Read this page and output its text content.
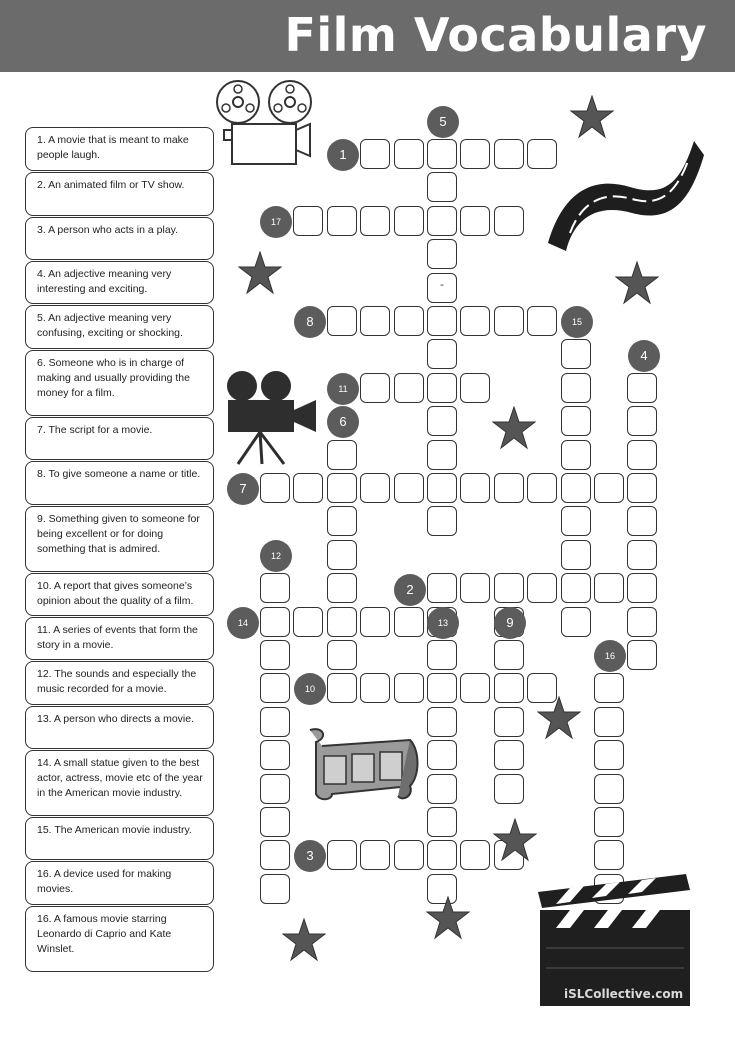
Film Vocabulary
1. A movie that is meant to make people laugh.
2. An animated film or TV show.
3. A person who acts in a play.
4. An adjective meaning very interesting and exciting.
5. An adjective meaning very confusing, exciting or shocking.
6. Someone who is in charge of making and usually providing the money for a film.
7. The script for a movie.
8. To give someone a name or title.
9. Something given to someone for being excellent or for doing something that is admired.
10. A report that gives someone’s opinion about the quality of a film.
11. A series of events that form the story in a movie.
12. The sounds and especially the music recorded for a movie.
13. A person who directs a movie.
14. A small statue given to the best actor, actress, movie etc of the year in the American movie industry.
15. The American movie industry.
16. A device used for making movies.
16. A famous movie starring Leonardo di Caprio and Kate Winslet.
1
2
3
4
5
6
7
8
9
10
11
12
13
14
15
16
17
-
iSLCollective.com
